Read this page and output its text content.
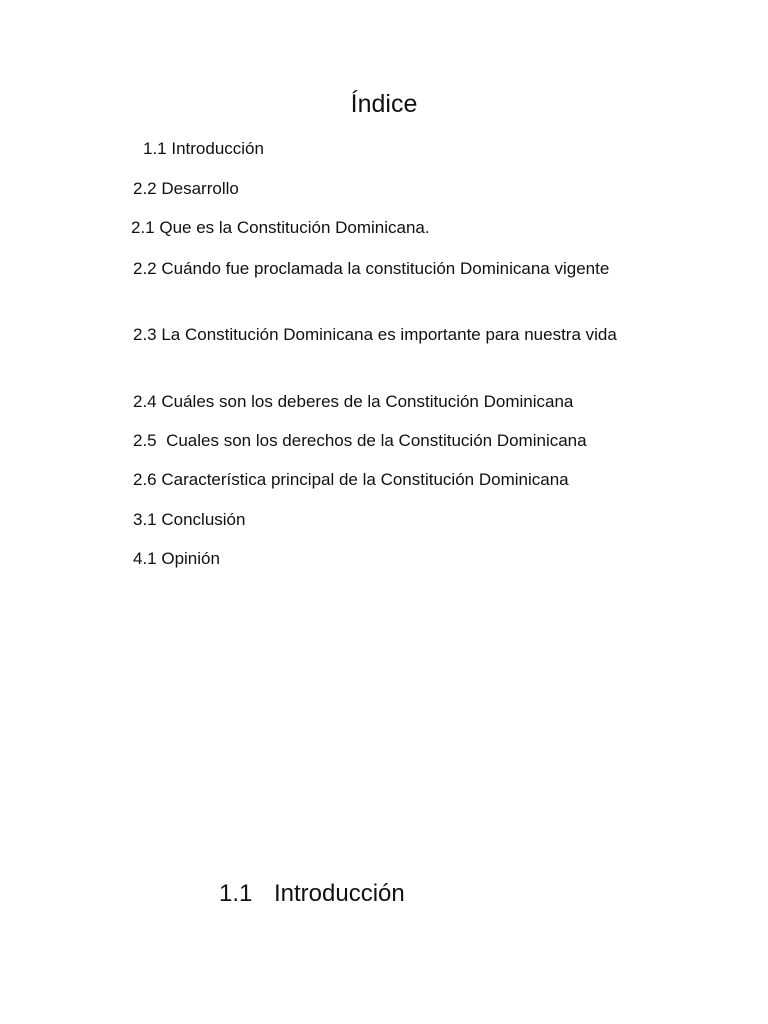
Índice
1.1 Introducción
2.2 Desarrollo
2.1 Que es la Constitución Dominicana.
2.2 Cuándo fue proclamada la constitución Dominicana vigente
2.3 La Constitución Dominicana es importante para nuestra vida
2.4 Cuáles son los deberes de la Constitución Dominicana
2.5  Cuales son los derechos de la Constitución Dominicana
2.6 Característica principal de la Constitución Dominicana
3.1 Conclusión
4.1 Opinión
1.1 Introducción
